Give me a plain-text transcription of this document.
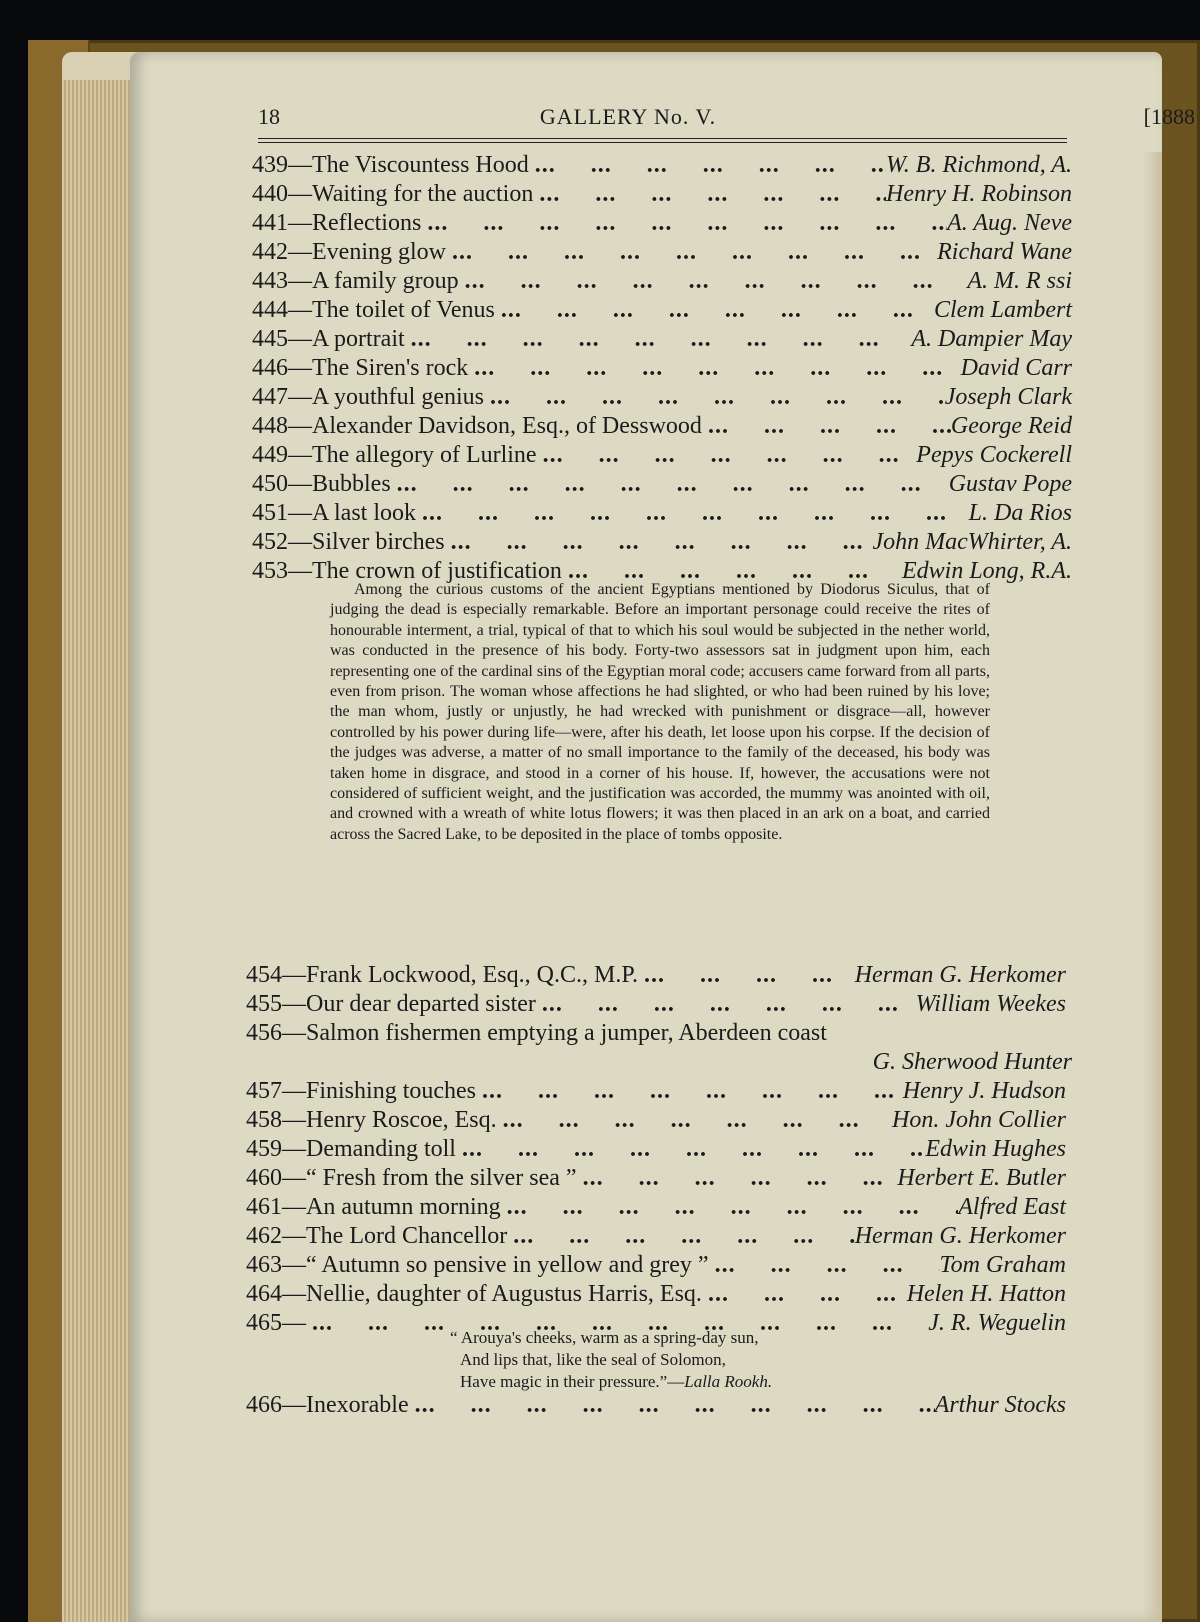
18	GALLERY No. V.	[1888
439—The Viscountess Hood	W. B. Richmond, A.
...
440—Waiting for the auction	Henry H. Robinson
...
441—Reflections	A. Aug. Neve
...
442—Evening glow	Richard Wane
...
443—A family group	A. M. R ssi
...
444—The toilet of Venus	Clem Lambert
...
445—A portrait	A. Dampier May
...
446—The Siren's rock	David Carr
...
447—A youthful genius	Joseph Clark
...
448—Alexander Davidson, Esq., of Desswood	George Reid
...
449—The allegory of Lurline	Pepys Cockerell
...
450—Bubbles	Gustav Pope
...
451—A last look	L. Da Rios
...
452—Silver birches	John MacWhirter, A.
...
453—The crown of justification	Edwin Long, R.A.
...
Among the curious customs of the ancient Egyptians mentioned by Diodorus Siculus, that of judging the dead is especially remarkable. Before an important personage could receive the rites of honourable interment, a trial, typical of that to which his soul would be subjected in the nether world, was conducted in the presence of his body. Forty-two assessors sat in judgment upon him, each representing one of the cardinal sins of the Egyptian moral code; accusers came forward from all parts, even from prison. The woman whose affections he had slighted, or who had been ruined by his love; the man whom, justly or unjustly, he had wrecked with punishment or disgrace—all, however controlled by his power during life—were, after his death, let loose upon his corpse. If the decision of the judges was adverse, a matter of no small importance to the family of the deceased, his body was taken home in disgrace, and stood in a corner of his house. If, however, the accusations were not considered of sufficient weight, and the justification was accorded, the mummy was anointed with oil, and crowned with a wreath of white lotus flowers; it was then placed in an ark on a boat, and carried across the Sacred Lake, to be deposited in the place of tombs opposite.
454—Frank Lockwood, Esq., Q.C., M.P.	Herman G. Herkomer
...
455—Our dear departed sister	William Weekes
...
456—Salmon fishermen emptying a jumper, Aberdeen coast
G. Sherwood Hunter
457—Finishing touches	Henry J. Hudson
...
458—Henry Roscoe, Esq.	Hon. John Collier
...
459—Demanding toll	Edwin Hughes
...
460—“ Fresh from the silver sea ”	Herbert E. Butler
...
461—An autumn morning	Alfred East
...
462—The Lord Chancellor	Herman G. Herkomer
...
463—“ Autumn so pensive in yellow and grey ”	Tom Graham
...
464—Nellie, daughter of Augustus Harris, Esq.	Helen H. Hatton
...
465—	J. R. Weguelin
...
“ Arouya's cheeks, warm as a spring-day sun,
And lips that, like the seal of Solomon,
Have magic in their pressure.”—Lalla Rookh.
466—Inexorable	Arthur Stocks
...
